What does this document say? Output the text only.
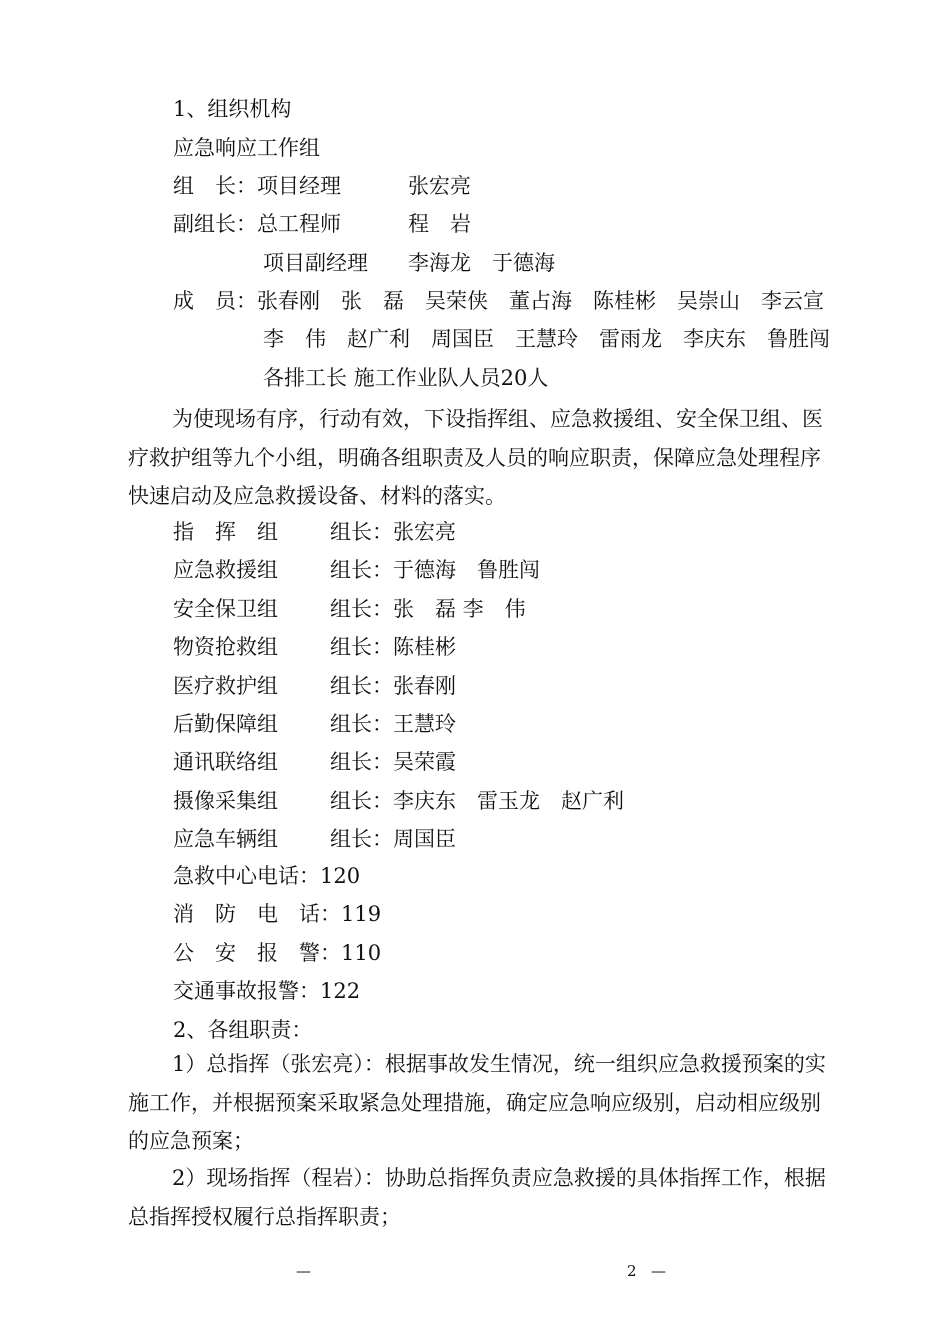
1、组织机构
应急响应工作组
组　长：项目经理	张宏亮
副组长：总工程师	程　岩
项目副经理 李海龙　于德海
成　员：张春刚　张　磊　吴荣侠　董占海　陈桂彬　吴崇山　李云宣
李　伟　赵广利　周国臣　王慧玲　雷雨龙　李庆东　鲁胜闯
各排工长 施工作业队人员20人
为使现场有序，行动有效，下设指挥组、应急救援组、安全保卫组、医疗救护组等九个小组，明确各组职责及人员的响应职责，保障应急处理程序快速启动及应急救援设备、材料的落实。
指　挥　组 组长：张宏亮
应急救援组 组长：于德海　鲁胜闯
安全保卫组 组长：张　磊 李　伟
物资抢救组 组长：陈桂彬
医疗救护组 组长：张春刚
后勤保障组 组长：王慧玲
通讯联络组 组长：吴荣霞
摄像采集组 组长：李庆东　雷玉龙　赵广利
应急车辆组 组长：周国臣
急救中心电话：120
消　防　电　话：119
公　安　报　警：110
交通事故报警：122
2、各组职责：
1）总指挥（张宏亮）：根据事故发生情况，统一组织应急救援预案的实施工作，并根据预案采取紧急处理措施，确定应急响应级别，启动相应级别的应急预案；
2）现场指挥（程岩）：协助总指挥负责应急救援的具体指挥工作，根据总指挥授权履行总指挥职责；
—	2 —
